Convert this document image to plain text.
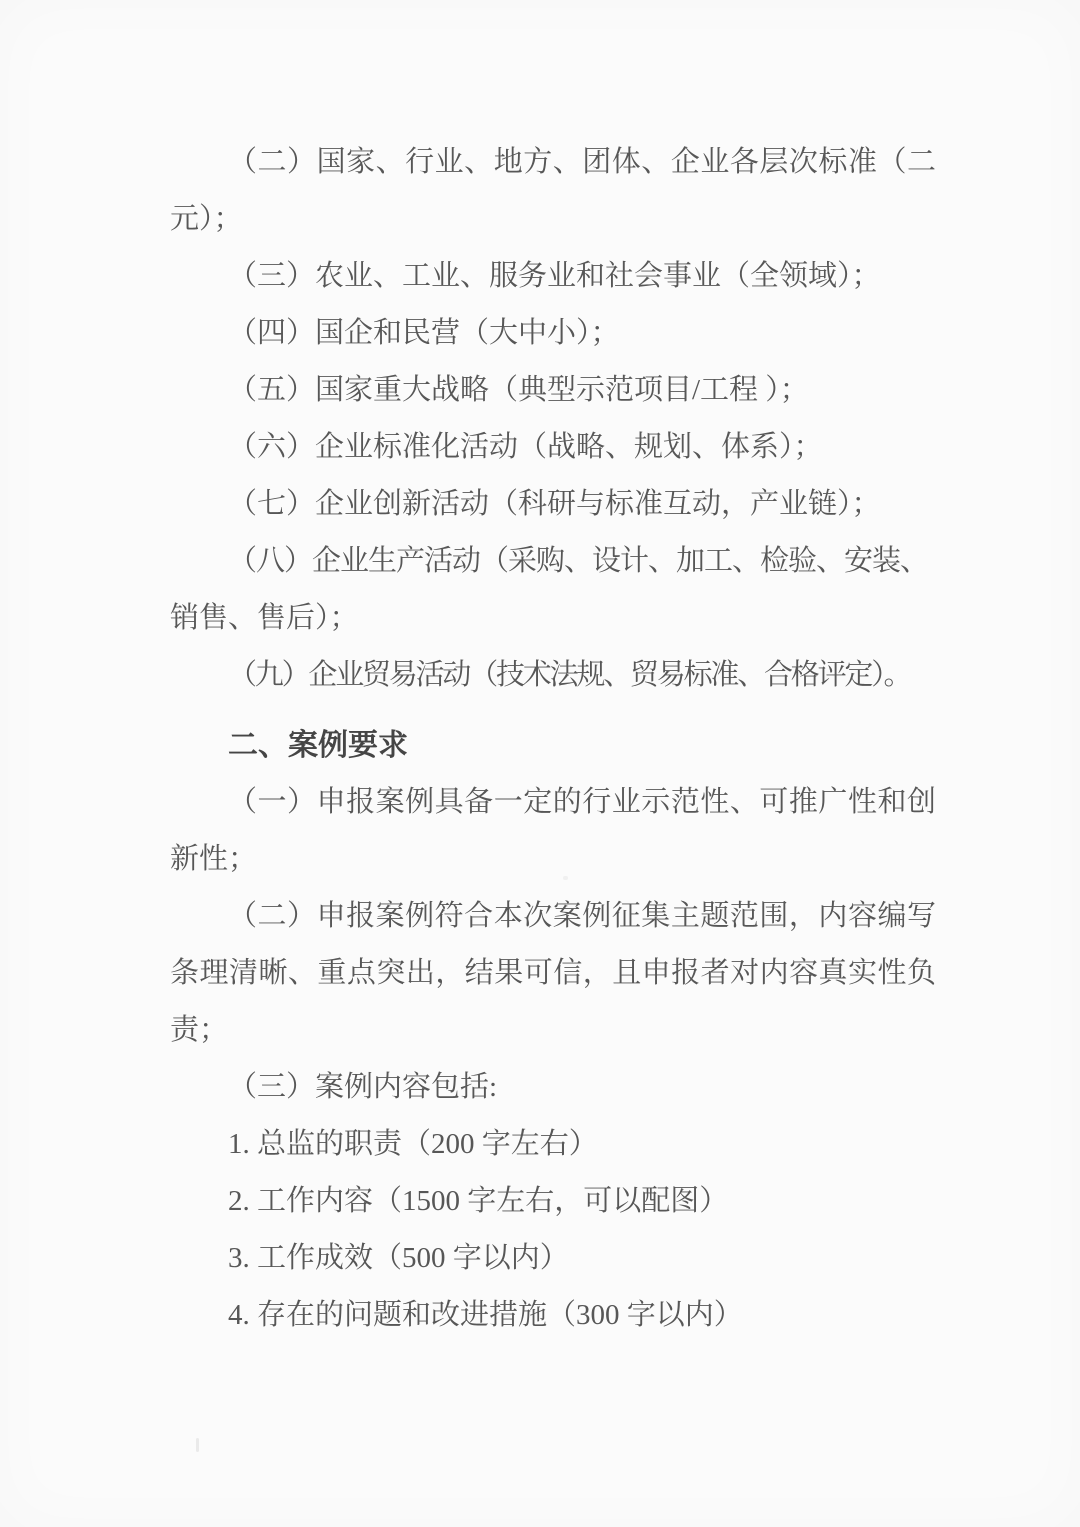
（二）国家、行业、地方、团体、企业各层次标准（二
元）；
（三）农业、工业、服务业和社会事业（全领域）；
（四）国企和民营（大中小）；
（五）国家重大战略（典型示范项目/工程 ）；
（六）企业标准化活动（战略、规划、体系）；
（七）企业创新活动（科研与标准互动，产业链）；
（八）企业生产活动（采购、设计、加工、检验、安装、
销售、售后）；
（九）企业贸易活动（技术法规、贸易标准、合格评定）。
二、案例要求
（一）申报案例具备一定的行业示范性、可推广性和创
新性；
（二）申报案例符合本次案例征集主题范围，内容编写
条理清晰、重点突出，结果可信，且申报者对内容真实性负
责；
（三）案例内容包括:
1. 总监的职责（200 字左右）
2. 工作内容（1500 字左右，可以配图）
3. 工作成效（500 字以内）
4. 存在的问题和改进措施（300 字以内）
